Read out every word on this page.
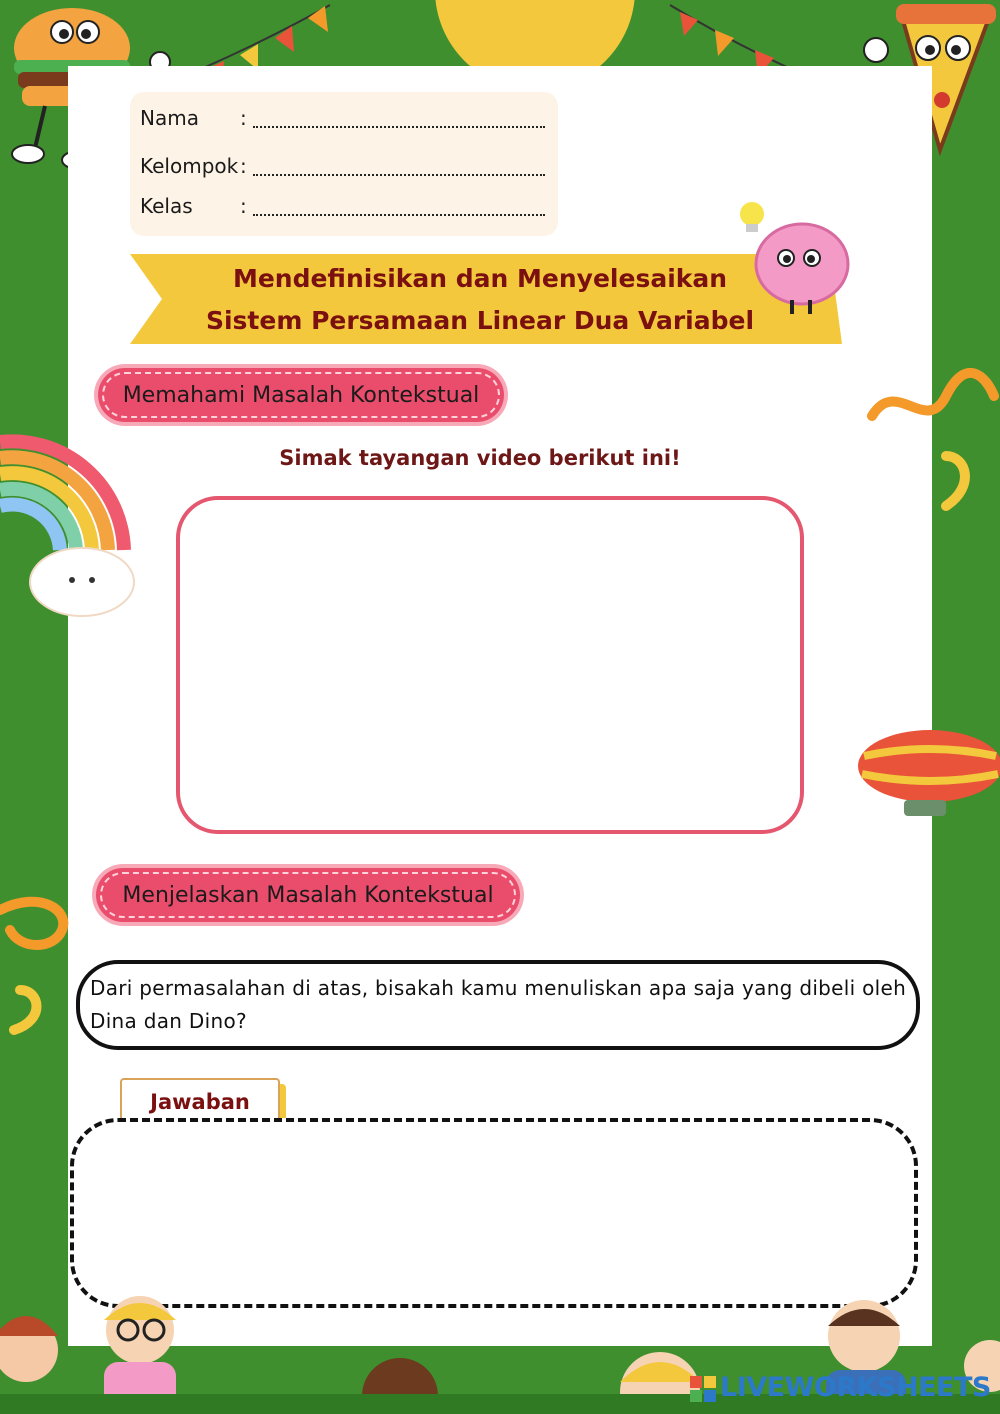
Nama :
Kelompok:
Kelas :
Mendefinisikan dan Menyelesaikan
Sistem Persamaan Linear Dua Variabel
Memahami Masalah Kontekstual
Simak tayangan video berikut ini!
Menjelaskan Masalah Kontekstual
Dari permasalahan di atas, bisakah kamu menuliskan apa saja yang dibeli oleh Dina dan Dino?
Jawaban
LIVEWORKSHEETS
